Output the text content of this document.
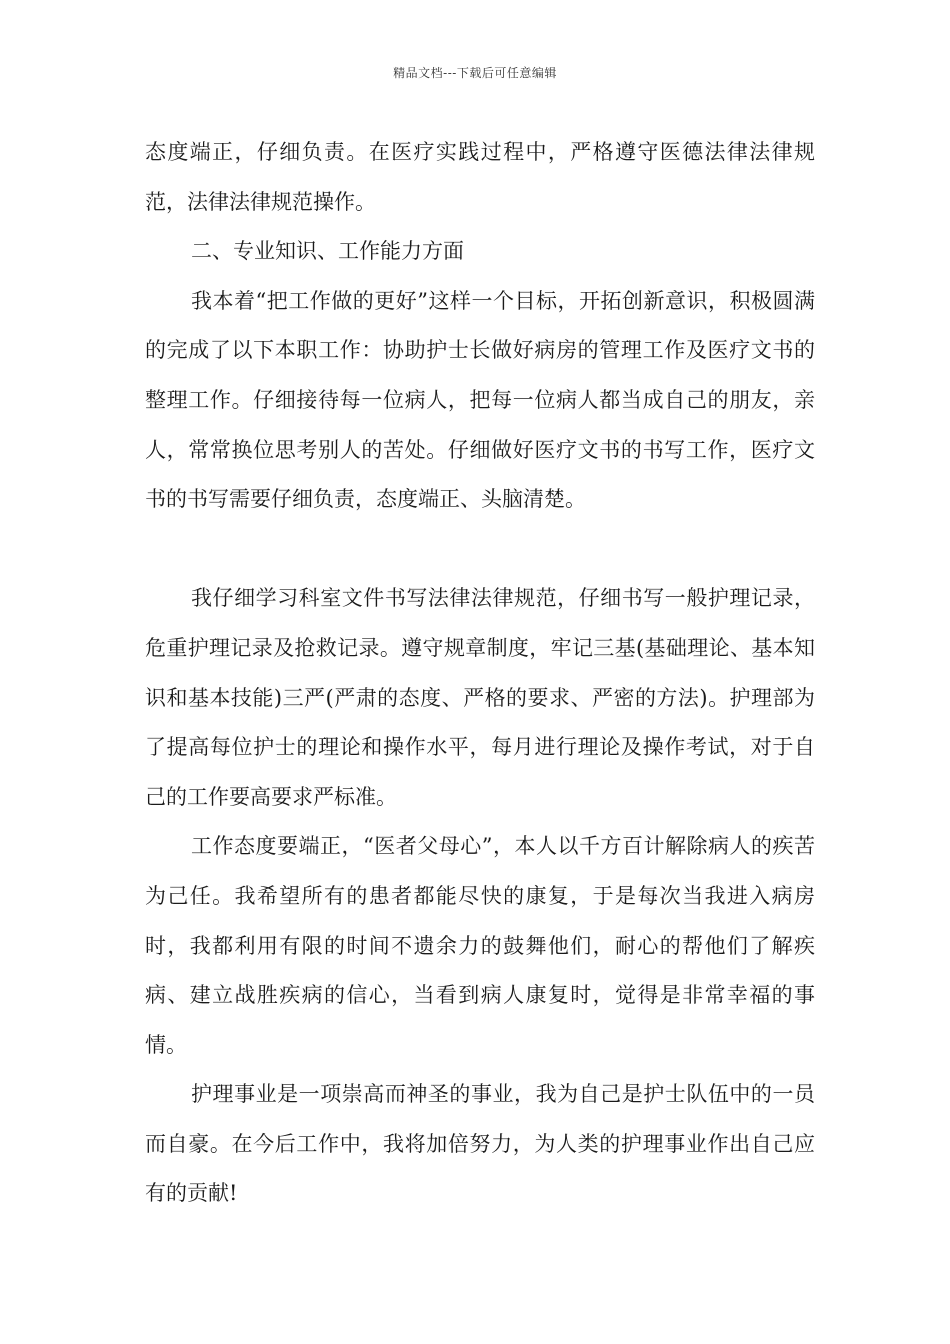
精品文档---下载后可任意编辑

态度端正，仔细负责。在医疗实践过程中，严格遵守医德法律法律规范，法律法律规范操作。

二、专业知识、工作能力方面

我本着“把工作做的更好”这样一个目标，开拓创新意识，积极圆满的完成了以下本职工作：协助护士长做好病房的管理工作及医疗文书的整理工作。仔细接待每一位病人，把每一位病人都当成自己的朋友，亲人，常常换位思考别人的苦处。仔细做好医疗文书的书写工作，医疗文书的书写需要仔细负责，态度端正、头脑清楚。

我仔细学习科室文件书写法律法律规范，仔细书写一般护理记录，危重护理记录及抢救记录。遵守规章制度，牢记三基(基础理论、基本知识和基本技能)三严(严肃的态度、严格的要求、严密的方法)。护理部为了提高每位护士的理论和操作水平，每月进行理论及操作考试，对于自己的工作要高要求严标准。

工作态度要端正，“医者父母心”，本人以千方百计解除病人的疾苦为己任。我希望所有的患者都能尽快的康复，于是每次当我进入病房时，我都利用有限的时间不遗余力的鼓舞他们，耐心的帮他们了解疾病、建立战胜疾病的信心，当看到病人康复时，觉得是非常幸福的事情。

护理事业是一项崇高而神圣的事业，我为自己是护士队伍中的一员而自豪。在今后工作中，我将加倍努力，为人类的护理事业作出自己应有的贡献!
